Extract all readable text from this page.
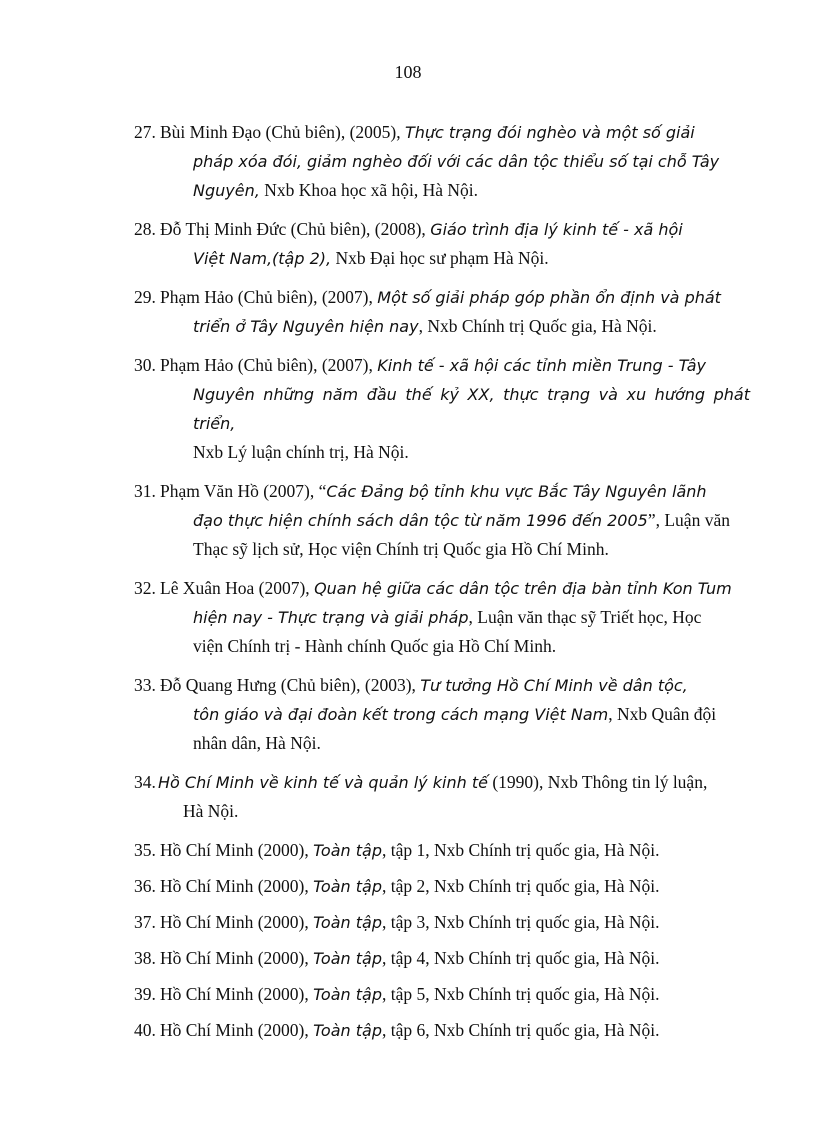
108
27. Bùi Minh Đạo (Chủ biên), (2005), Thực trạng đói nghèo và một số giải
pháp xóa đói, giảm nghèo đối với các dân tộc thiểu số tại chỗ Tây
Nguyên, Nxb Khoa học xã hội, Hà Nội.
28. Đỗ Thị Minh Đức (Chủ biên), (2008), Giáo trình địa lý kinh tế - xã hội
Việt Nam,(tập 2), Nxb Đại học sư phạm Hà Nội.
29. Phạm Hảo (Chủ biên), (2007), Một số giải pháp góp phần ổn định và phát
triển ở Tây Nguyên hiện nay, Nxb Chính trị Quốc gia, Hà Nội.
30. Phạm Hảo (Chủ biên), (2007), Kinh tế - xã hội các tỉnh miền Trung - Tây
Nguyên những năm đầu thế kỷ XX, thực trạng và xu hướng phát triển,
Nxb Lý luận chính trị, Hà Nội.
31. Phạm Văn Hồ (2007), “Các Đảng bộ tỉnh khu vực Bắc Tây Nguyên lãnh
đạo thực hiện chính sách dân tộc từ năm 1996 đến 2005”, Luận văn
Thạc sỹ lịch sử, Học viện Chính trị Quốc gia Hồ Chí Minh.
32. Lê Xuân Hoa (2007), Quan hệ giữa các dân tộc trên địa bàn tỉnh Kon Tum
hiện nay - Thực trạng và giải pháp, Luận văn thạc sỹ Triết học, Học
viện Chính trị - Hành chính Quốc gia Hồ Chí Minh.
33. Đỗ Quang Hưng (Chủ biên), (2003), Tư tưởng Hồ Chí Minh về dân tộc,
tôn giáo và đại đoàn kết trong cách mạng Việt Nam, Nxb Quân đội
nhân dân, Hà Nội.
34. Hồ Chí Minh về kinh tế và quản lý kinh tế (1990), Nxb Thông tin lý luận,
Hà Nội.
35. Hồ Chí Minh (2000), Toàn tập, tập 1, Nxb Chính trị quốc gia, Hà Nội.
36. Hồ Chí Minh (2000), Toàn tập, tập 2, Nxb Chính trị quốc gia, Hà Nội.
37. Hồ Chí Minh (2000), Toàn tập, tập 3, Nxb Chính trị quốc gia, Hà Nội.
38. Hồ Chí Minh (2000), Toàn tập, tập 4, Nxb Chính trị quốc gia, Hà Nội.
39. Hồ Chí Minh (2000), Toàn tập, tập 5, Nxb Chính trị quốc gia, Hà Nội.
40. Hồ Chí Minh (2000), Toàn tập, tập 6, Nxb Chính trị quốc gia, Hà Nội.
